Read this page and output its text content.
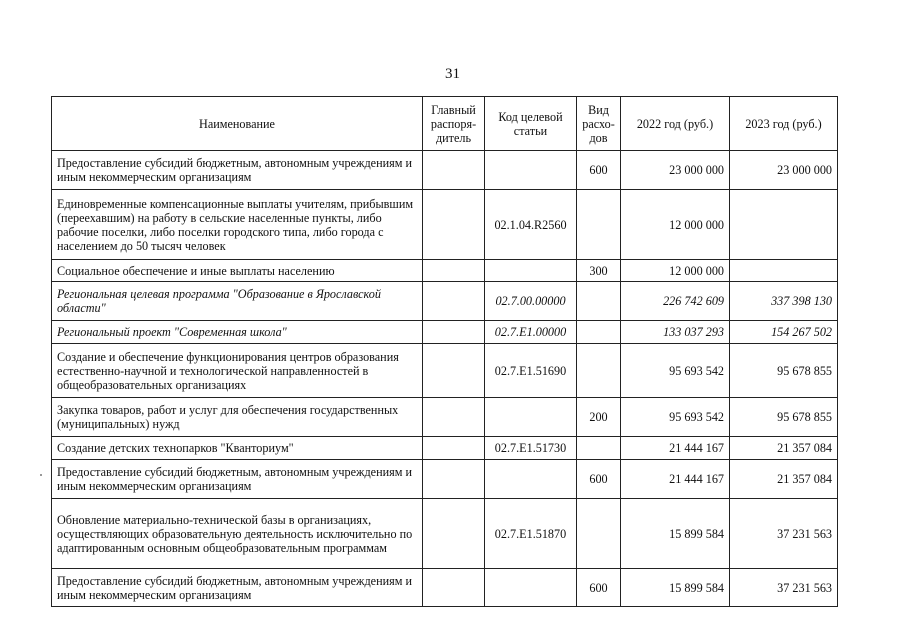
31
Наименование	Главный распоря-дитель	Код целевой статьи	Вид расхо-дов	2022 год (руб.)	2023 год (руб.)
Предоставление субсидий бюджетным, автономным учреждениям и иным некоммерческим организациям			600	23 000 000	23 000 000
Единовременные компенсационные выплаты учителям, прибывшим (переехавшим) на работу в сельские населенные пункты, либо рабочие поселки, либо поселки городского типа, либо города с населением до 50 тысяч человек		02.1.04.R2560		12 000 000	
Социальное обеспечение и иные выплаты населению			300	12 000 000	
Региональная целевая программа "Образование в Ярославской области"		02.7.00.00000		226 742 609	337 398 130
Региональный проект "Современная школа"		02.7.E1.00000		133 037 293	154 267 502
Создание и обеспечение функционирования центров образования естественно-научной и технологической направленностей в общеобразовательных организациях		02.7.E1.51690		95 693 542	95 678 855
Закупка товаров, работ и услуг для обеспечения государственных (муниципальных) нужд			200	95 693 542	95 678 855
Создание детских технопарков "Кванториум"		02.7.E1.51730		21 444 167	21 357 084
Предоставление субсидий бюджетным, автономным учреждениям и иным некоммерческим организациям			600	21 444 167	21 357 084
Обновление материально-технической базы в организациях, осуществляющих образовательную деятельность исключительно по адаптированным основным общеобразовательным программам		02.7.E1.51870		15 899 584	37 231 563
Предоставление субсидий бюджетным, автономным учреждениям и иным некоммерческим организациям			600	15 899 584	37 231 563
